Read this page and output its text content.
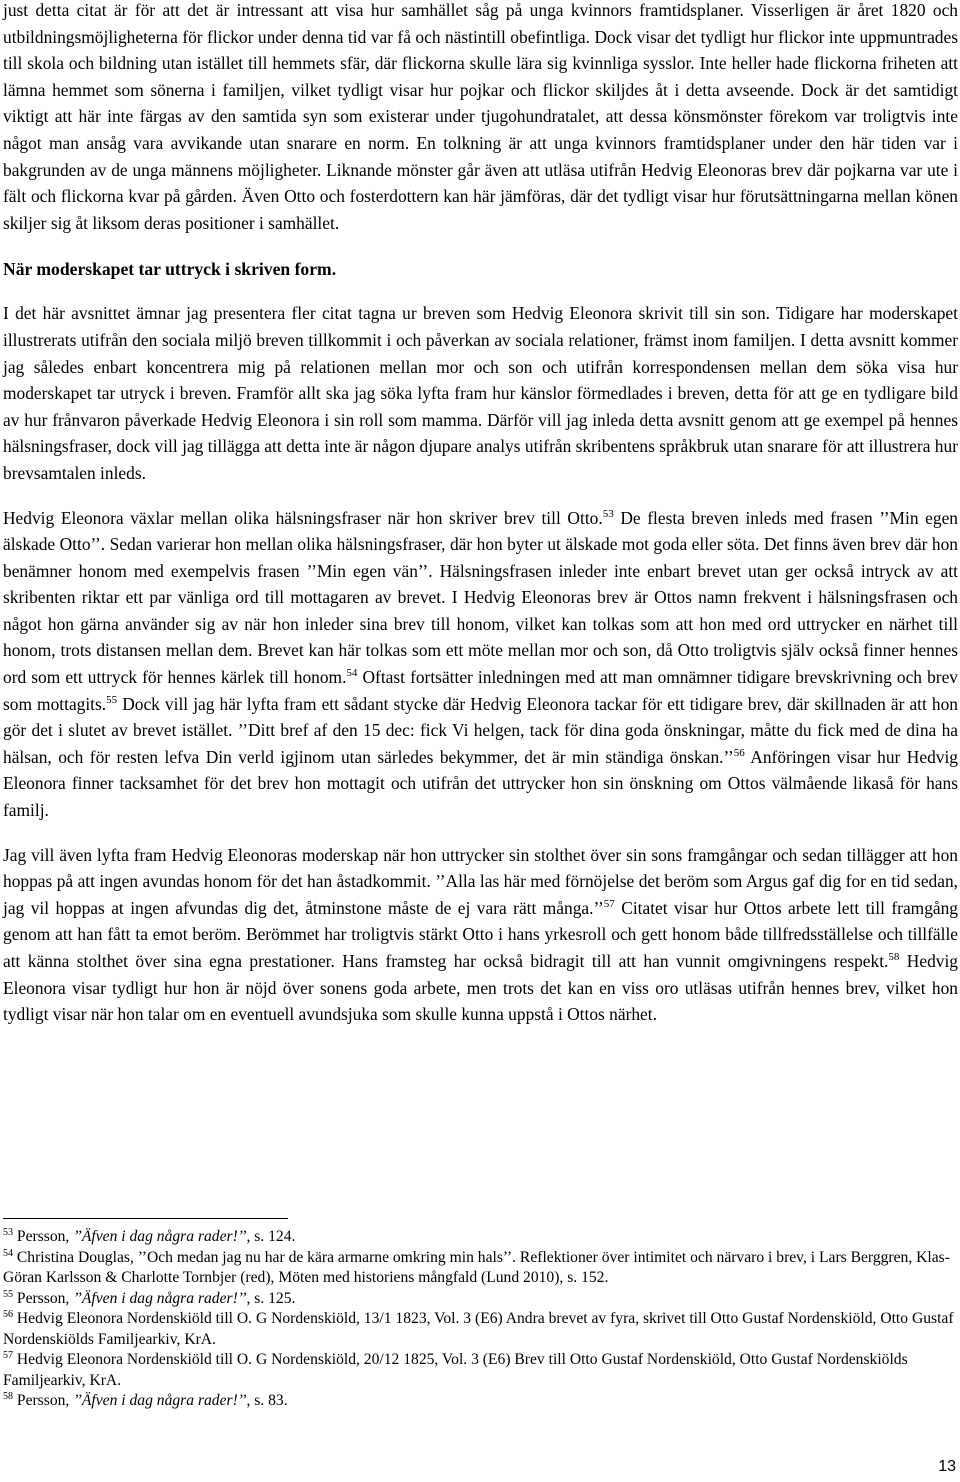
just detta citat är för att det är intressant att visa hur samhället såg på unga kvinnors framtidsplaner. Visserligen är året 1820 och utbildningsmöjligheterna för flickor under denna tid var få och nästintill obefintliga. Dock visar det tydligt hur flickor inte uppmuntrades till skola och bildning utan istället till hemmets sfär, där flickorna skulle lära sig kvinnliga sysslor. Inte heller hade flickorna friheten att lämna hemmet som sönerna i familjen, vilket tydligt visar hur pojkar och flickor skiljdes åt i detta avseende. Dock är det samtidigt viktigt att här inte färgas av den samtida syn som existerar under tjugohundratalet, att dessa könsmönster förekom var troligtvis inte något man ansåg vara avvikande utan snarare en norm. En tolkning är att unga kvinnors framtidsplaner under den här tiden var i bakgrunden av de unga männens möjligheter. Liknande mönster går även att utläsa utifrån Hedvig Eleonoras brev där pojkarna var ute i fält och flickorna kvar på gården. Även Otto och fosterdottern kan här jämföras, där det tydligt visar hur förutsättningarna mellan könen skiljer sig åt liksom deras positioner i samhället.

När moderskapet tar uttryck i skriven form.

I det här avsnittet ämnar jag presentera fler citat tagna ur breven som Hedvig Eleonora skrivit till sin son. Tidigare har moderskapet illustrerats utifrån den sociala miljö breven tillkommit i och påverkan av sociala relationer, främst inom familjen. I detta avsnitt kommer jag således enbart koncentrera mig på relationen mellan mor och son och utifrån korrespondensen mellan dem söka visa hur moderskapet tar utryck i breven. Framför allt ska jag söka lyfta fram hur känslor förmedlades i breven, detta för att ge en tydligare bild av hur frånvaron påverkade Hedvig Eleonora i sin roll som mamma. Därför vill jag inleda detta avsnitt genom att ge exempel på hennes hälsningsfraser, dock vill jag tillägga att detta inte är någon djupare analys utifrån skribentens språkbruk utan snarare för att illustrera hur brevsamtalen inleds.

Hedvig Eleonora växlar mellan olika hälsningsfraser när hon skriver brev till Otto.$^{53}$ De flesta breven inleds med frasen ’’Min egen älskade Otto’’. Sedan varierar hon mellan olika hälsningsfraser, där hon byter ut älskade mot goda eller söta. Det finns även brev där hon benämner honom med exempelvis frasen ’’Min egen vän’’. Hälsningsfrasen inleder inte enbart brevet utan ger också intryck av att skribenten riktar ett par vänliga ord till mottagaren av brevet. I Hedvig Eleonoras brev är Ottos namn frekvent i hälsningsfrasen och något hon gärna använder sig av när hon inleder sina brev till honom, vilket kan tolkas som att hon med ord uttrycker en närhet till honom, trots distansen mellan dem. Brevet kan här tolkas som ett möte mellan mor och son, då Otto troligtvis själv också finner hennes ord som ett uttryck för hennes kärlek till honom.$^{54}$ Oftast fortsätter inledningen med att man omnämner tidigare brevskrivning och brev som mottagits.$^{55}$ Dock vill jag här lyfta fram ett sådant stycke där Hedvig Eleonora tackar för ett tidigare brev, där skillnaden är att hon gör det i slutet av brevet istället. ’’Ditt bref af den 15 dec: fick Vi helgen, tack för dina goda önskningar, måtte du fick med de dina ha hälsan, och för resten lefva Din verld igjinom utan särledes bekymmer, det är min ständiga önskan.’’$^{56}$ Anföringen visar hur Hedvig Eleonora finner tacksamhet för det brev hon mottagit och utifrån det uttrycker hon sin önskning om Ottos välmående likaså för hans familj.

Jag vill även lyfta fram Hedvig Eleonoras moderskap när hon uttrycker sin stolthet över sin sons framgångar och sedan tillägger att hon hoppas på att ingen avundas honom för det han åstadkommit. ’’Alla las här med förnöjelse det beröm som Argus gaf dig for en tid sedan, jag vil hoppas at ingen afvundas dig det, åtminstone måste de ej vara rätt många.’’$^{57}$ Citatet visar hur Ottos arbete lett till framgång genom att han fått ta emot beröm. Berömmet har troligtvis stärkt Otto i hans yrkesroll och gett honom både tillfredsställelse och tillfälle att känna stolthet över sina egna prestationer. Hans framsteg har också bidragit till att han vunnit omgivningens respekt.$^{58}$ Hedvig Eleonora visar tydligt hur hon är nöjd över sonens goda arbete, men trots det kan en viss oro utläsas utifrån hennes brev, vilket hon tydligt visar när hon talar om en eventuell avundsjuka som skulle kunna uppstå i Ottos närhet.

$^{53}$ Persson, ’’Äfven i dag några rader!’’, s. 124.

$^{54}$ Christina Douglas, ’’Och medan jag nu har de kära armarne omkring min hals’’. Reflektioner över intimitet och närvaro i brev, i Lars Berggren, Klas-Göran Karlsson & Charlotte Tornbjer (red), Möten med historiens mångfald (Lund 2010), s. 152.

$^{55}$ Persson, ’’Äfven i dag några rader!’’, s. 125.

$^{56}$ Hedvig Eleonora Nordenskiöld till O. G Nordenskiöld, 13/1 1823, Vol. 3 (E6) Andra brevet av fyra, skrivet till Otto Gustaf Nordenskiöld, Otto Gustaf Nordenskiölds Familjearkiv, KrA.

$^{57}$ Hedvig Eleonora Nordenskiöld till O. G Nordenskiöld, 20/12 1825, Vol. 3 (E6) Brev till Otto Gustaf Nordenskiöld, Otto Gustaf Nordenskiölds Familjearkiv, KrA.

$^{58}$ Persson, ’’Äfven i dag några rader!’’, s. 83.

13
